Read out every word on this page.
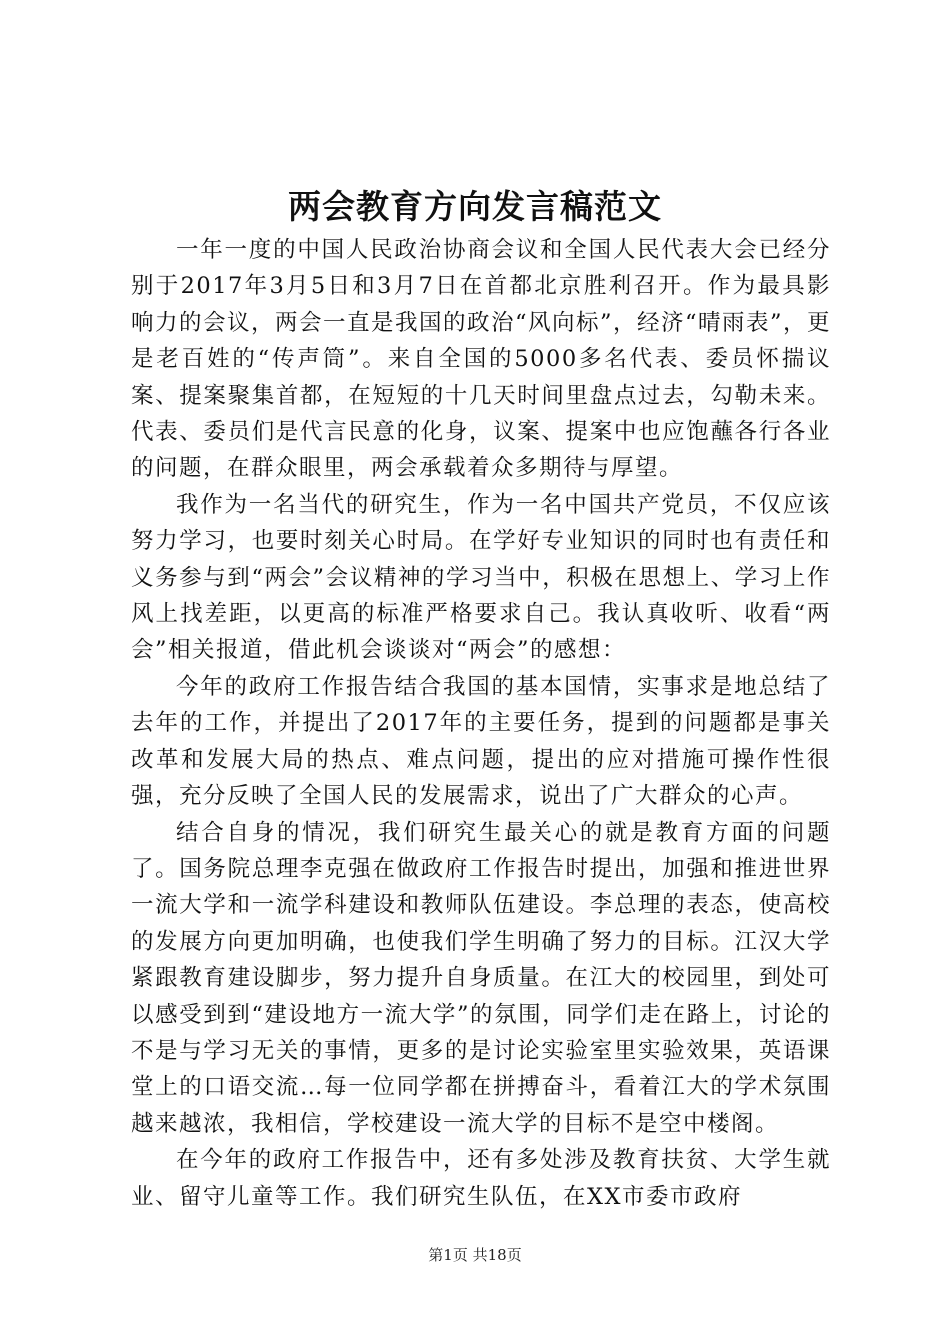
两会教育方向发言稿范文

一年一度的中国人民政治协商会议和全国人民代表大会已经分别于2017年3月5日和3月7日在首都北京胜利召开。作为最具影响力的会议，两会一直是我国的政治“风向标”，经济“晴雨表”，更是老百姓的“传声筒”。来自全国的5000多名代表、委员怀揣议案、提案聚集首都，在短短的十几天时间里盘点过去，勾勒未来。代表、委员们是代言民意的化身，议案、提案中也应饱蘸各行各业的问题，在群众眼里，两会承载着众多期待与厚望。

我作为一名当代的研究生，作为一名中国共产党员，不仅应该努力学习，也要时刻关心时局。在学好专业知识的同时也有责任和义务参与到“两会”会议精神的学习当中，积极在思想上、学习上作风上找差距，以更高的标准严格要求自己。我认真收听、收看“两会”相关报道，借此机会谈谈对“两会”的感想：

今年的政府工作报告结合我国的基本国情，实事求是地总结了去年的工作，并提出了2017年的主要任务，提到的问题都是事关改革和发展大局的热点、难点问题，提出的应对措施可操作性很强，充分反映了全国人民的发展需求，说出了广大群众的心声。

结合自身的情况，我们研究生最关心的就是教育方面的问题了。国务院总理李克强在做政府工作报告时提出，加强和推进世界一流大学和一流学科建设和教师队伍建设。李总理的表态，使高校的发展方向更加明确，也使我们学生明确了努力的目标。江汉大学紧跟教育建设脚步，努力提升自身质量。在江大的校园里，到处可以感受到到“建设地方一流大学”的氛围，同学们走在路上，讨论的不是与学习无关的事情，更多的是讨论实验室里实验效果，英语课堂上的口语交流…每一位同学都在拼搏奋斗，看着江大的学术氛围越来越浓，我相信，学校建设一流大学的目标不是空中楼阁。

在今年的政府工作报告中，还有多处涉及教育扶贫、大学生就业、留守儿童等工作。我们研究生队伍，在XX市委市政府

第1页 共18页
